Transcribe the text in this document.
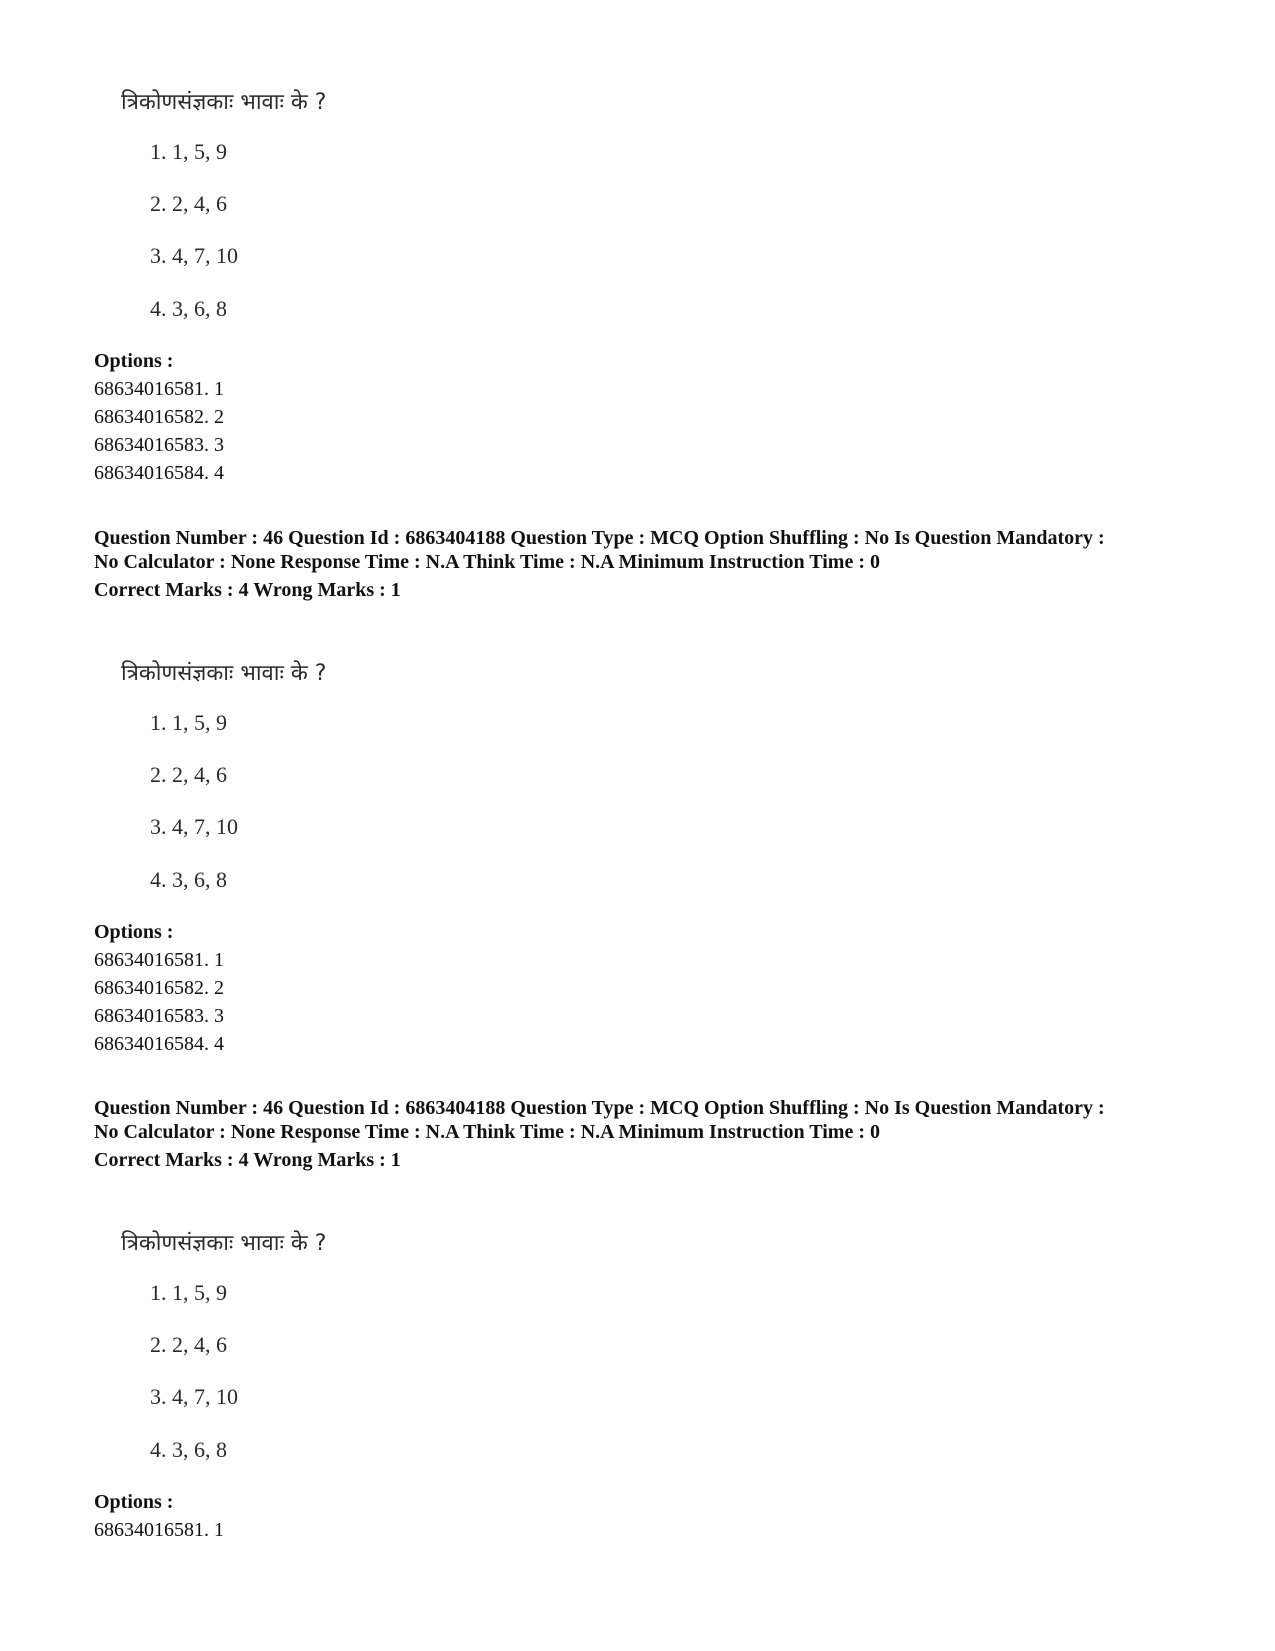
त्रिकोणसंज्ञकाः भावाः के ?
1. 1, 5, 9
2. 2, 4, 6
3. 4, 7, 10
4. 3, 6, 8
Options :
68634016581. 1
68634016582. 2
68634016583. 3
68634016584. 4
Question Number : 46 Question Id : 6863404188 Question Type : MCQ Option Shuffling : No Is Question Mandatory :
No Calculator : None Response Time : N.A Think Time : N.A Minimum Instruction Time : 0
Correct Marks : 4 Wrong Marks : 1
त्रिकोणसंज्ञकाः भावाः के ?
1. 1, 5, 9
2. 2, 4, 6
3. 4, 7, 10
4. 3, 6, 8
Options :
68634016581. 1
68634016582. 2
68634016583. 3
68634016584. 4
Question Number : 46 Question Id : 6863404188 Question Type : MCQ Option Shuffling : No Is Question Mandatory :
No Calculator : None Response Time : N.A Think Time : N.A Minimum Instruction Time : 0
Correct Marks : 4 Wrong Marks : 1
त्रिकोणसंज्ञकाः भावाः के ?
1. 1, 5, 9
2. 2, 4, 6
3. 4, 7, 10
4. 3, 6, 8
Options :
68634016581. 1
